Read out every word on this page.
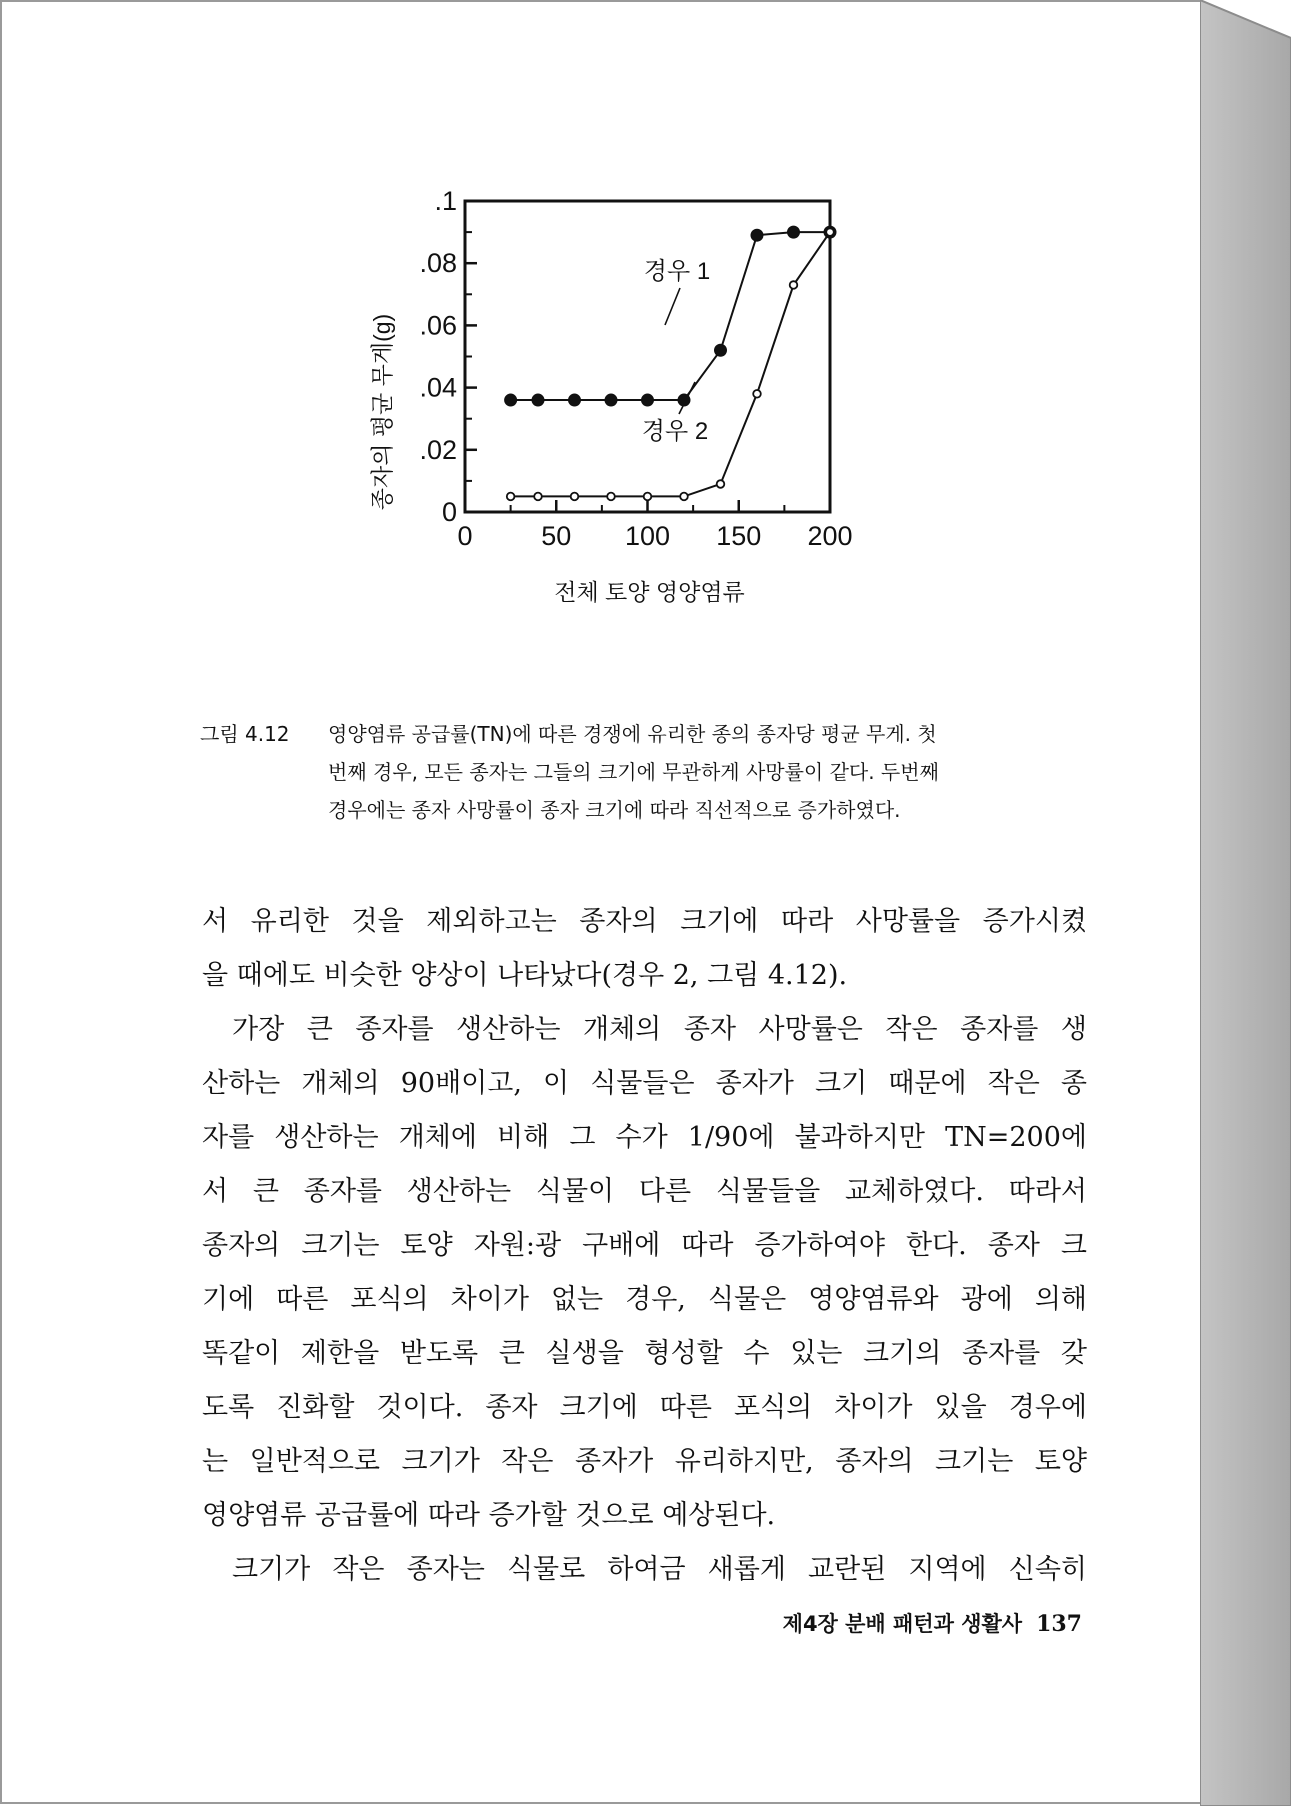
종자의 평균 무게(g)
0
.02
.04
.06
.08
.1
0	50 100 150 200
경우 1
경우 2
전체 토양 영양염류
그림 4.12 영양염류 공급률(TN)에 따른 경쟁에 유리한 종의 종자당 평균 무게. 첫
번째 경우, 모든 종자는 그들의 크기에 무관하게 사망률이 같다. 두번째
경우에는 종자 사망률이 종자 크기에 따라 직선적으로 증가하였다.
서 유리한 것을 제외하고는 종자의 크기에 따라 사망률을 증가시켰
을 때에도 비슷한 양상이 나타났다(경우 2, 그림 4.12).
가장 큰 종자를 생산하는 개체의 종자 사망률은 작은 종자를 생
산하는 개체의 90배이고, 이 식물들은 종자가 크기 때문에 작은 종
자를 생산하는 개체에 비해 그 수가 1/90에 불과하지만 TN=200에
서 큰 종자를 생산하는 식물이 다른 식물들을 교체하였다. 따라서
종자의 크기는 토양 자원:광 구배에 따라 증가하여야 한다. 종자 크
기에 따른 포식의 차이가 없는 경우, 식물은 영양염류와 광에 의해
똑같이 제한을 받도록 큰 실생을 형성할 수 있는 크기의 종자를 갖
도록 진화할 것이다. 종자 크기에 따른 포식의 차이가 있을 경우에
는 일반적으로 크기가 작은 종자가 유리하지만, 종자의 크기는 토양
영양염류 공급률에 따라 증가할 것으로 예상된다.
크기가 작은 종자는 식물로 하여금 새롭게 교란된 지역에 신속히
제4장 분배 패턴과 생활사 137
